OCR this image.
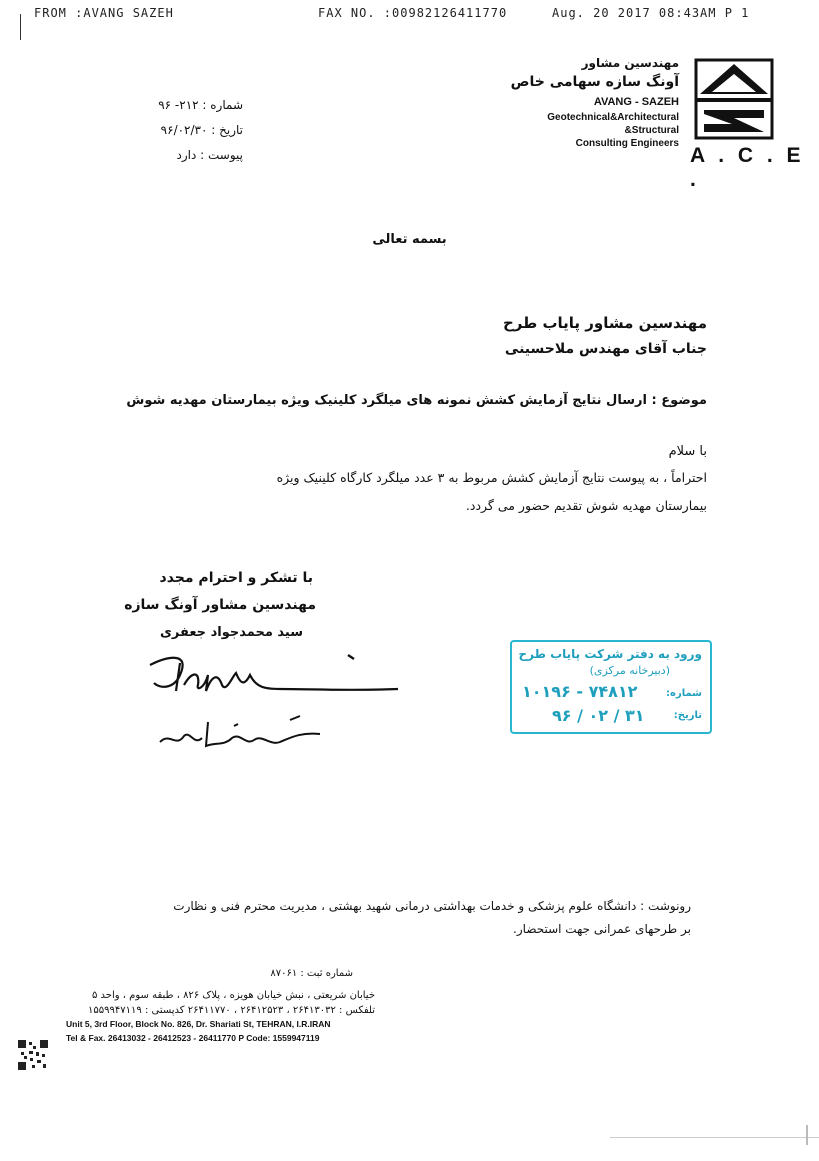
FROM :AVANG SAZEH	FAX NO. :00982126411770	Aug. 20 2017 08:43AM P 1
مهندسین مشاور
آونگ سازه سهامی خاص
AVANG - SAZEH
Geotechnical&Architectural
&Structural
Consulting Engineers
A . C . E .
شماره : ۲۱۲- ۹۶
تاریخ : ۹۶/۰۲/۳۰
پیوست : دارد
بسمه تعالی
مهندسین مشاور پایاب طرح
جناب آقای مهندس ملاحسینی
موضوع : ارسال نتایج آزمایش کشش نمونه های میلگرد کلینیک ویژه بیمارستان مهدیه شوش
با سلام
احتراماً ، به پیوست نتایج آزمایش کشش مربوط به ۳ عدد میلگرد کارگاه کلینیک ویژه
بیمارستان مهدیه شوش تقدیم حضور می گردد.
با تشکر و احترام مجدد
مهندسین مشاور آونگ سازه
سید محمدجواد جعفری
ورود به دفتر شرکت پایاب طرح
(دبیرخانه مرکزی)
شماره:
۱۰۱۹۶ - ۷۴۸۱۲
تاریخ:
۹۶ / ۰۲ / ۳۱
رونوشت : دانشگاه علوم پزشکی و خدمات بهداشتی درمانی شهید بهشتی ، مدیریت محترم فنی و نظارت
بر طرحهای عمرانی جهت استحضار.
شماره ثبت : ۸۷۰۶۱
خیابان شریعتی ، نبش خیابان هویزه ، پلاک ۸۲۶ ، طبقه سوم ، واحد ۵
تلفکس : ۲۶۴۱۳۰۳۲ ، ۲۶۴۱۲۵۲۳ ، ۲۶۴۱۱۷۷۰ کدپستی : ۱۵۵۹۹۴۷۱۱۹
Unit 5, 3rd Floor, Block No. 826, Dr. Shariati St, TEHRAN, I.R.IRAN
Tel & Fax. 26413032 - 26412523 - 26411770 P Code: 1559947119
